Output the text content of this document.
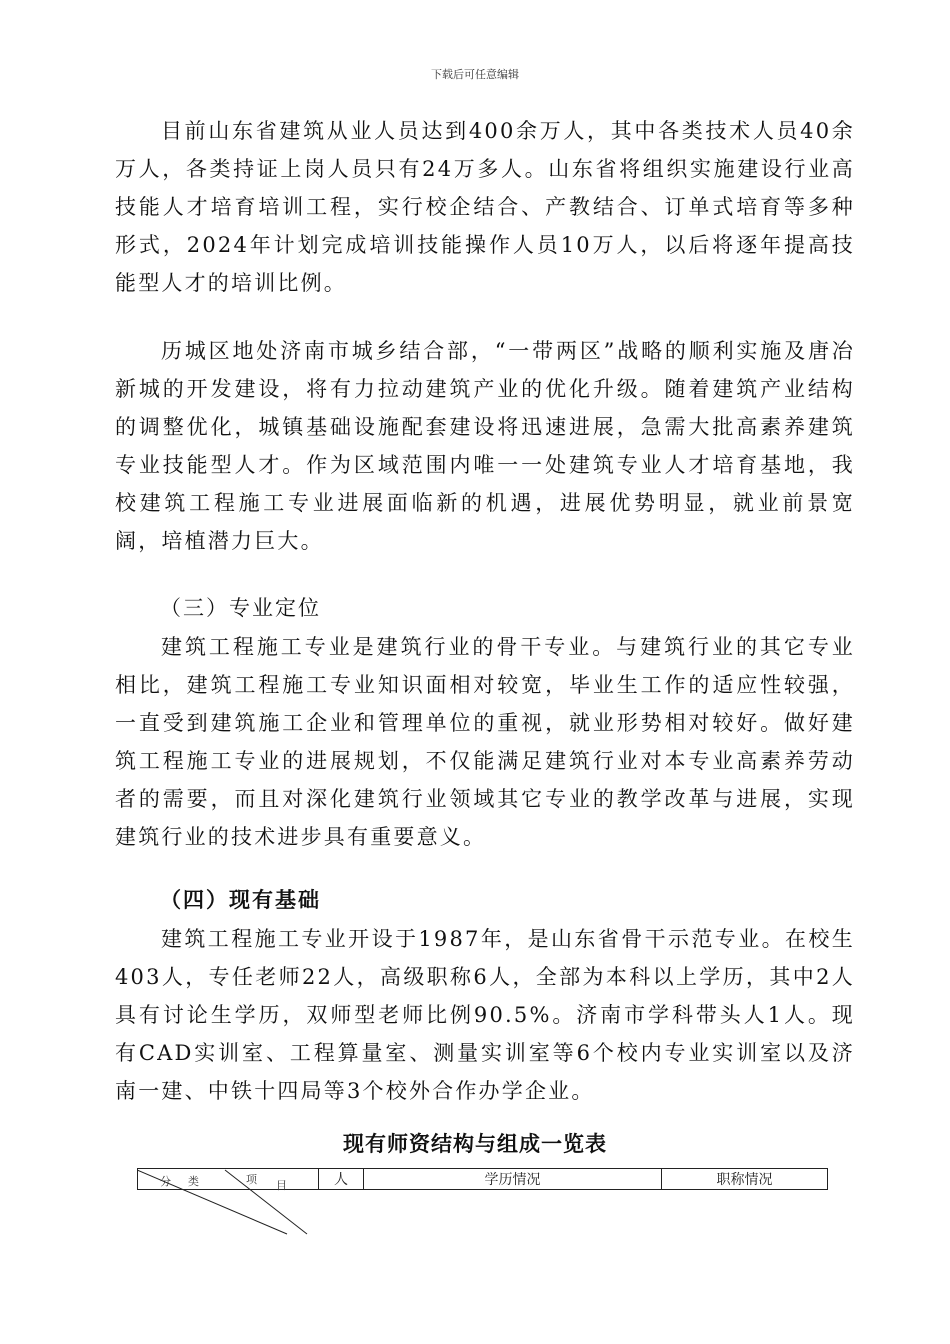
下载后可任意编辑
目前山东省建筑从业人员达到400余万人，其中各类技术人员40余万人，各类持证上岗人员只有24万多人。山东省将组织实施建设行业高技能人才培育培训工程，实行校企结合、产教结合、订单式培育等多种形式，2024年计划完成培训技能操作人员10万人，以后将逐年提高技能型人才的培训比例。
历城区地处济南市城乡结合部，“一带两区”战略的顺利实施及唐冶新城的开发建设，将有力拉动建筑产业的优化升级。随着建筑产业结构的调整优化，城镇基础设施配套建设将迅速进展，急需大批高素养建筑专业技能型人才。作为区域范围内唯一一处建筑专业人才培育基地，我校建筑工程施工专业进展面临新的机遇，进展优势明显，就业前景宽阔，培植潜力巨大。
（三）专业定位
建筑工程施工专业是建筑行业的骨干专业。与建筑行业的其它专业相比，建筑工程施工专业知识面相对较宽，毕业生工作的适应性较强，一直受到建筑施工企业和管理单位的重视，就业形势相对较好。做好建筑工程施工专业的进展规划，不仅能满足建筑行业对本专业高素养劳动者的需要，而且对深化建筑行业领域其它专业的教学改革与进展，实现建筑行业的技术进步具有重要意义。
（四）现有基础
建筑工程施工专业开设于1987年，是山东省骨干示范专业。在校生403人，专任老师22人，高级职称6人，全部为本科以上学历，其中2人具有讨论生学历，双师型老师比例90.5%。济南市学科带头人1人。现有CAD实训室、工程算量室、测量实训室等6个校内专业实训室以及济南一建、中铁十四局等3个校外合作办学企业。
现有师资结构与组成一览表
分 类	项 目	人	学历情况	职称情况
